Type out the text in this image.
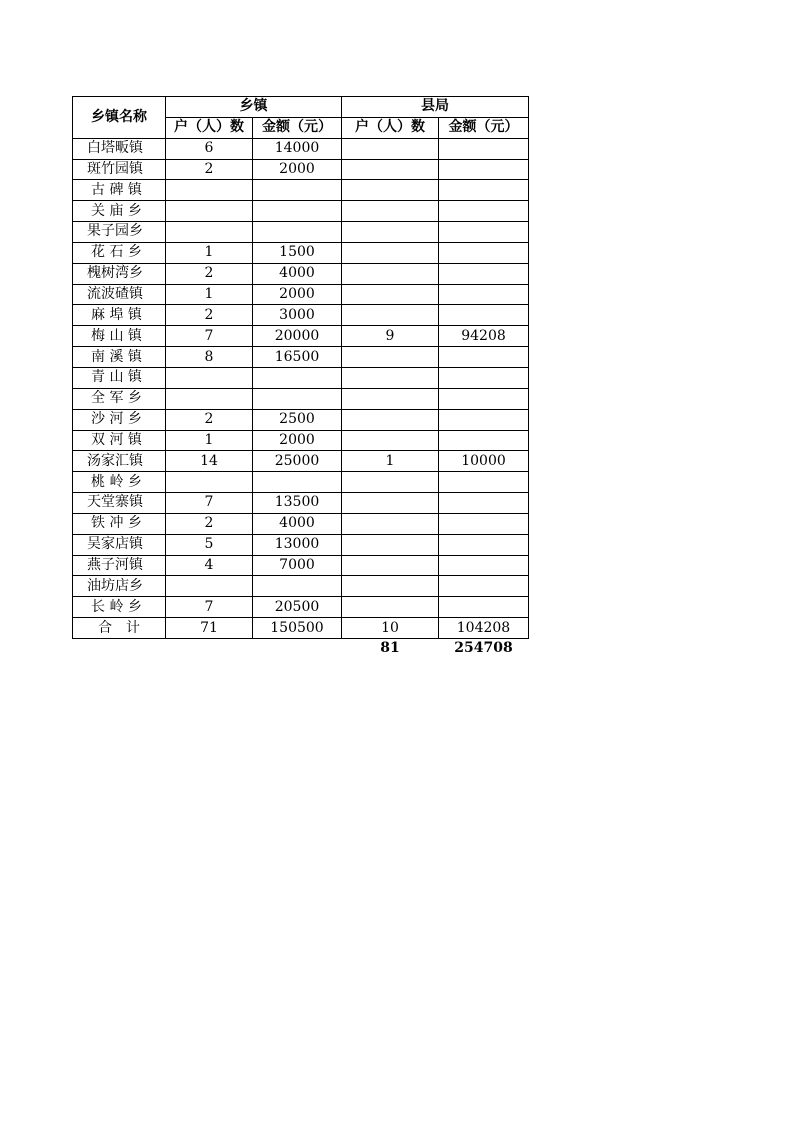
乡镇名称	乡镇		县局	
	户（人）数	金额（元）	户（人）数	金额（元）
白塔畈镇	6	14000		
斑竹园镇	2	2000		
古 碑 镇				
关 庙 乡				
果子园乡				
花 石 乡	1	1500		
槐树湾乡	2	4000		
流波碴镇	1	2000		
麻 埠 镇	2	3000		
梅 山 镇	7	20000	9	94208
南 溪 镇	8	16500		
青 山 镇				
全 军 乡				
沙 河 乡	2	2500		
双 河 镇	1	2000		
汤家汇镇	14	25000	1	10000
桃 岭 乡				
天堂寨镇	7	13500		
铁 冲 乡	2	4000		
吴家店镇	5	13000		
燕子河镇	4	7000		
油坊店乡				
长 岭 乡	7	20500		
合　计	71	150500	10	104208
			81	254708
